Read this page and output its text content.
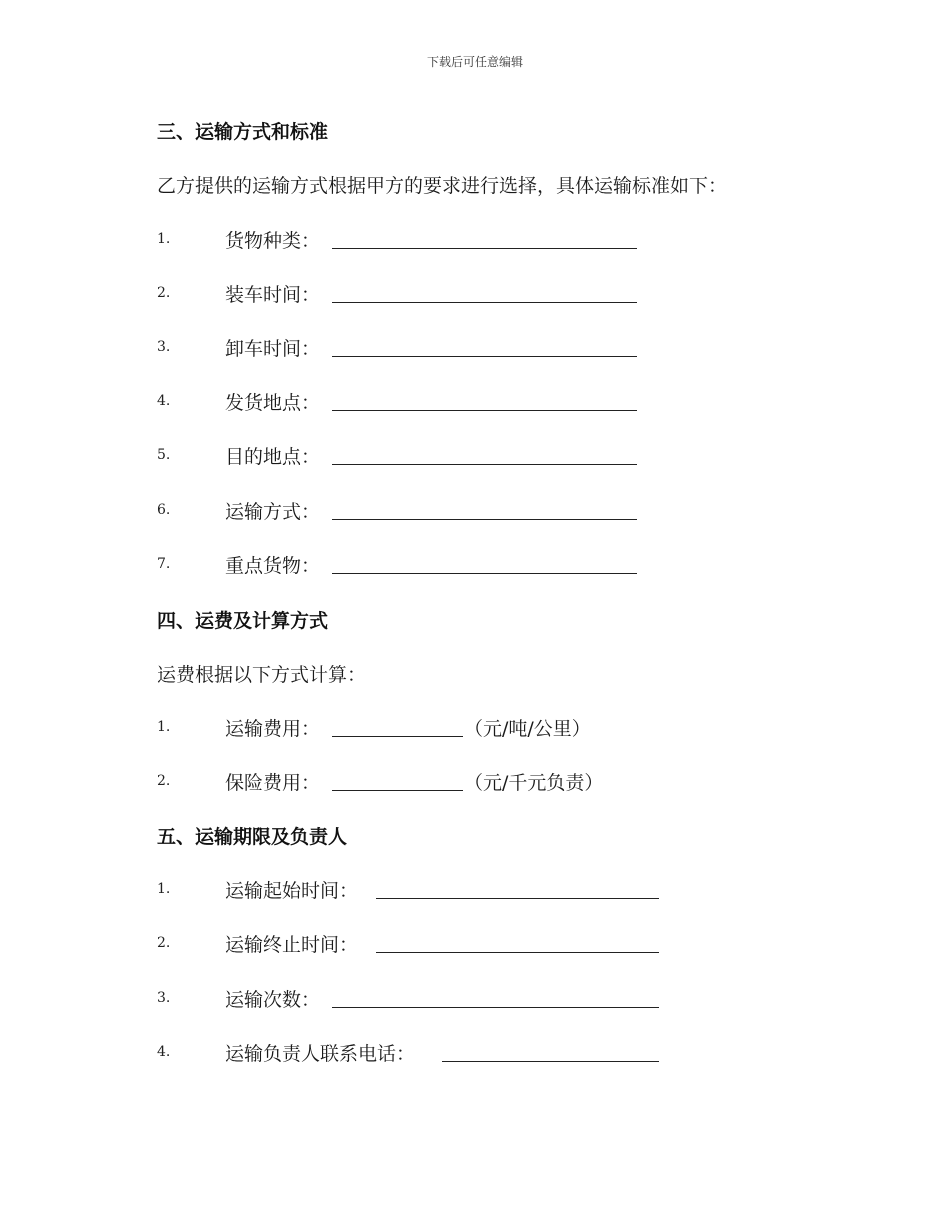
下载后可任意编辑
三、运输方式和标准
乙方提供的运输方式根据甲方的要求进行选择，具体运输标准如下：
1.	货物种类：
2.	装车时间：
3.	卸车时间：
4.	发货地点：
5.	目的地点：
6.	运输方式：
7.	重点货物：
四、运费及计算方式
运费根据以下方式计算：
1.	运输费用：	（元/吨/公里）
2.	保险费用：	（元/千元负责）
五、运输期限及负责人
1.	运输起始时间：
2.	运输终止时间：
3.	运输次数：
4.	运输负责人联系电话：
